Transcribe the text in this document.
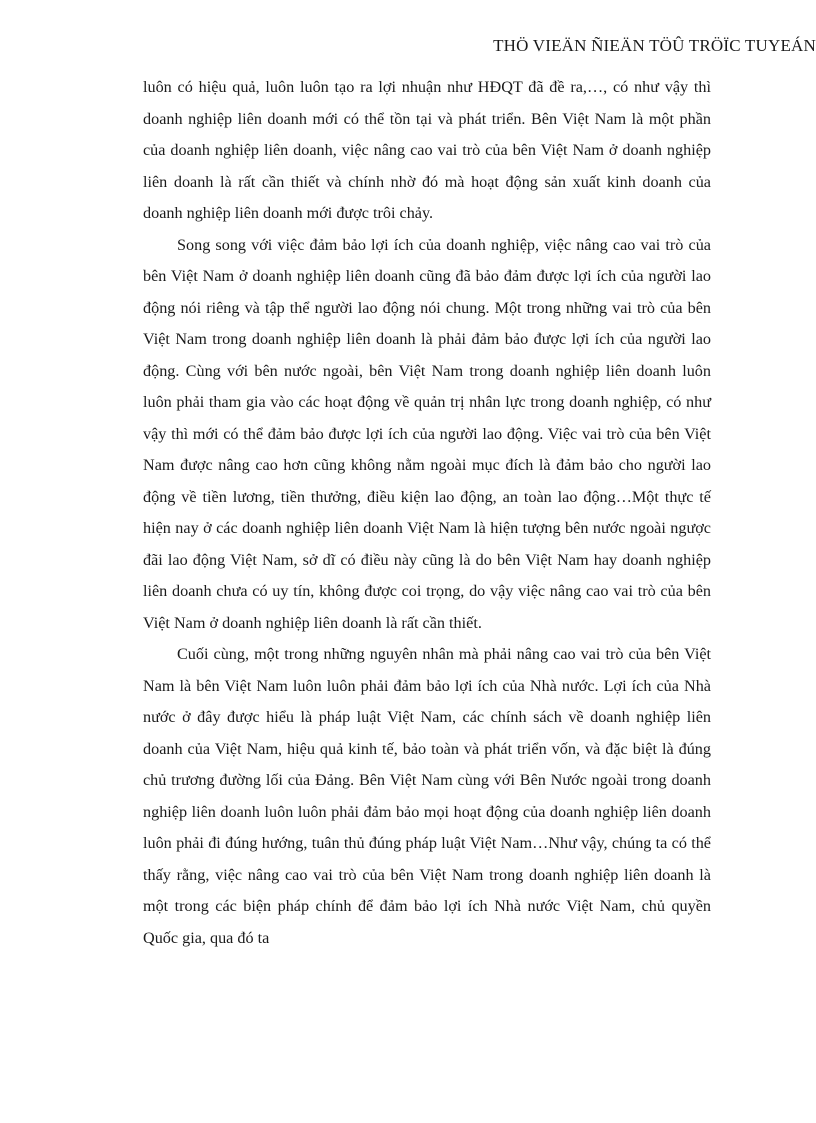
THÖ VIEÄN ÑIEÄN TÖÛ TRÖÏC TUYEÁN

luôn có hiệu quả, luôn luôn tạo ra lợi nhuận như HĐQT đã đề ra,…, có như vậy thì doanh nghiệp liên doanh mới có thể tồn tại và phát triển. Bên Việt Nam là một phần của doanh nghiệp liên doanh, việc nâng cao vai trò của bên Việt Nam ở doanh nghiệp liên doanh là rất cần thiết và chính nhờ đó mà hoạt động sản xuất kinh doanh của doanh nghiệp liên doanh mới được trôi chảy.

Song song với việc đảm bảo lợi ích của doanh nghiệp, việc nâng cao vai trò của bên Việt Nam ở doanh nghiệp liên doanh cũng đã bảo đảm được lợi ích của người lao động nói riêng và tập thể người lao động nói chung. Một trong những vai trò của bên Việt Nam trong doanh nghiệp liên doanh là phải đảm bảo được lợi ích của người lao động. Cùng với bên nước ngoài, bên Việt Nam trong doanh nghiệp liên doanh luôn luôn phải tham gia vào các hoạt động về quản trị nhân lực trong doanh nghiệp, có như vậy thì mới có thể đảm bảo được lợi ích của người lao động. Việc vai trò của bên Việt Nam được nâng cao hơn cũng không nằm ngoài mục đích là đảm bảo cho người lao động về tiền lương, tiền thưởng, điều kiện lao động, an toàn lao động…Một thực tế hiện nay ở các doanh nghiệp liên doanh Việt Nam là hiện tượng bên nước ngoài ngược đãi lao động Việt Nam, sở dĩ có điều này cũng là do bên Việt Nam hay doanh nghiệp liên doanh chưa có uy tín, không được coi trọng, do vậy việc nâng cao vai trò của bên Việt Nam ở doanh nghiệp liên doanh là rất cần thiết.

Cuối cùng, một trong những nguyên nhân mà phải nâng cao vai trò của bên Việt Nam là bên Việt Nam luôn luôn phải đảm bảo lợi ích của Nhà nước. Lợi ích của Nhà nước ở đây được hiểu là pháp luật Việt Nam, các chính sách về doanh nghiệp liên doanh của Việt Nam, hiệu quả kinh tế, bảo toàn và phát triển vốn, và đặc biệt là đúng chủ trương đường lối của Đảng. Bên Việt Nam cùng với Bên Nước ngoài trong doanh nghiệp liên doanh luôn luôn phải đảm bảo mọi hoạt động của doanh nghiệp liên doanh luôn phải đi đúng hướng, tuân thủ đúng pháp luật Việt Nam…Như vậy, chúng ta có thể thấy rằng, việc nâng cao vai trò của bên Việt Nam trong doanh nghiệp liên doanh là một trong các biện pháp chính để đảm bảo lợi ích Nhà nước Việt Nam, chủ quyền Quốc gia, qua đó ta
